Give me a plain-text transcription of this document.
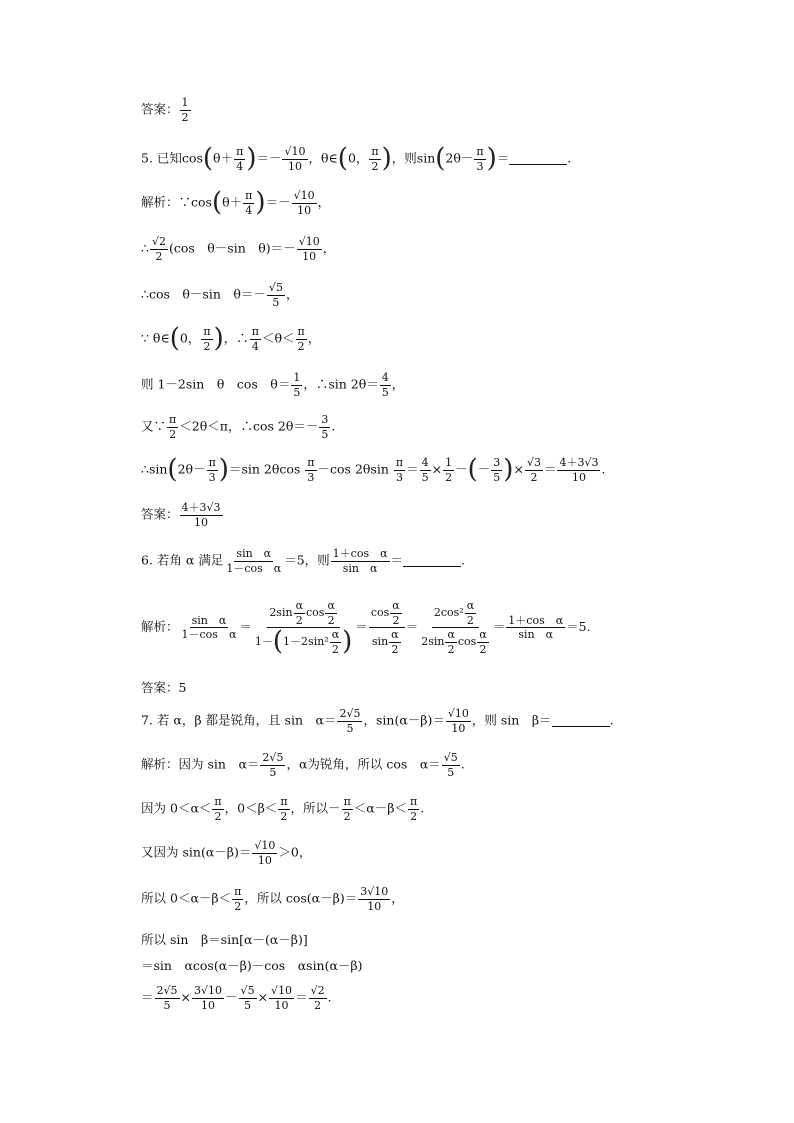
答案： $\frac{1}{2}$
5. 已知$\cos(\theta+ \frac{\pi}{4}$ )＝－ √ $\frac{10}{10}$ ，θ∈(0， $\frac{\pi}{2}$ )，则$\sin(2\theta- \frac{\pi}{3}$ )＝	.
解析：∵cos(θ＋ $\frac{\pi}{4}$ )＝－ √ $\frac{10}{10}$ ，
∴ √ $\frac{2}{2} (\cos$　θ－sin　θ)＝－ √ $\frac{10}{10}$ ，
∴cos　θ－sin　θ＝－ √ $\frac{5}{5}$ ，
∵ θ∈(0， $\frac{\pi}{2}$ )，∴ $\frac{\pi}{4} <\theta< \frac{\pi}{2}$ ，
则 1－2sin　θ　cos　$\theta= \frac{1}{5}$ ，∴sin $2\theta= \frac{4}{5}$ ，
又∵ $\frac{\pi}{2} <2\theta<\pi$，∴cos $2\theta=- \frac{3}{5}$ .
∴sin(2θ－ $\frac{\pi}{3} )=\sin$ $2\theta\cos \frac{\pi}{3} -\cos$ $2\theta\sin \frac{\pi}{3} = \frac{4}{5} \times \frac{1}{2}$ －(－ $\frac{3}{5}$ )× √ $\frac{3}{2} = \frac{4+3 √ 3}{10}$ .
答案： $\frac{4+3 √ 3}{10}$
6. 若角 α 满足 $\frac{\text{sin　α}}{\text{1－cos　α}} =5$，则 $\frac{\text{1＋cos　α}}{\text{sin　α}}$ ＝	.
解析： $\frac{\text{sin　α}}{\text{1－cos　α}} = \frac{2\sin \frac{\alpha}{2} \cos \frac{\alpha}{2}}{1-(1-2\sin^2 \frac{\alpha}{2} )} = \frac{\cos \frac{\alpha}{2}}{\sin \frac{\alpha}{2}} = \frac{2\cos^2 \frac{\alpha}{2}}{2\sin \frac{\alpha}{2} \cos \frac{\alpha}{2}} = \frac{\text{1＋cos　α}}{\text{sin　α}} =5$.
答案：5
7. 若 α，β 都是锐角，且 sin　$\alpha= \frac{2 √ 5}{5}$ ，sin(α－β)＝ √ $\frac{10}{10}$ ，则 sin　β＝	.
解析：因为 sin　$\alpha= \frac{2 √ 5}{5}$ ，α为锐角，所以 cos　α＝ √ $\frac{5}{5}$ .
因为 $0<\alpha< \frac{\pi}{2}$ ，$0<\beta< \frac{\pi}{2}$ ，所以－ $\frac{\pi}{2} <\alpha-\beta< \frac{\pi}{2}$ .
又因为 sin(α－β)＝ √ $\frac{10}{10} >0$，
所以 $0<\alpha-\beta< \frac{\pi}{2}$ ，所以 $\cos(\alpha-\beta)= \frac{3 √ 10}{10}$ ，
所以 sin　β＝sin[α－(α－β)]
＝sin　αcos(α－β)－cos　αsin(α－β)
＝ $\frac{2 √ 5}{5} \times \frac{3 √ 10}{10}$ － √ $\frac{5}{5}$ × √ $\frac{10}{10}$ ＝ √ $\frac{2}{2}$ .
